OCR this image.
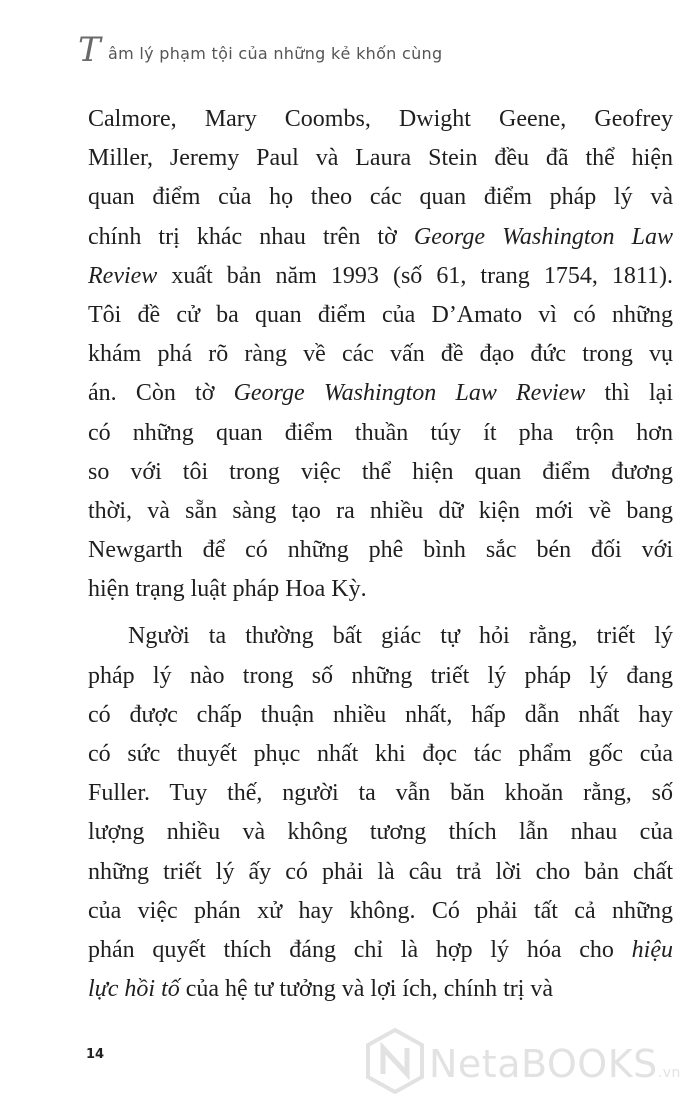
T âm lý phạm tội của những kẻ khốn cùng
Calmore, Mary Coombs, Dwight Geene, Geofrey
Miller, Jeremy Paul và Laura Stein đều đã thể hiện
quan điểm của họ theo các quan điểm pháp lý và
chính trị khác nhau trên tờ George Washington Law
Review xuất bản năm 1993 (số 61, trang 1754, 1811).
Tôi đề cử ba quan điểm của D’Amato vì có những
khám phá rõ ràng về các vấn đề đạo đức trong vụ
án. Còn tờ George Washington Law Review thì lại
có những quan điểm thuần túy ít pha trộn hơn
so với tôi trong việc thể hiện quan điểm đương
thời, và sẵn sàng tạo ra nhiều dữ kiện mới về bang
Newgarth để có những phê bình sắc bén đối với
hiện trạng luật pháp Hoa Kỳ.
Người ta thường bất giác tự hỏi rằng, triết lý
pháp lý nào trong số những triết lý pháp lý đang
có được chấp thuận nhiều nhất, hấp dẫn nhất hay
có sức thuyết phục nhất khi đọc tác phẩm gốc của
Fuller. Tuy thế, người ta vẫn băn khoăn rằng, số
lượng nhiều và không tương thích lẫn nhau của
những triết lý ấy có phải là câu trả lời cho bản chất
của việc phán xử hay không. Có phải tất cả những
phán quyết thích đáng chỉ là hợp lý hóa cho hiệu
lực hồi tố của hệ tư tưởng và lợi ích, chính trị và
14	NetaBOOKS.vn
